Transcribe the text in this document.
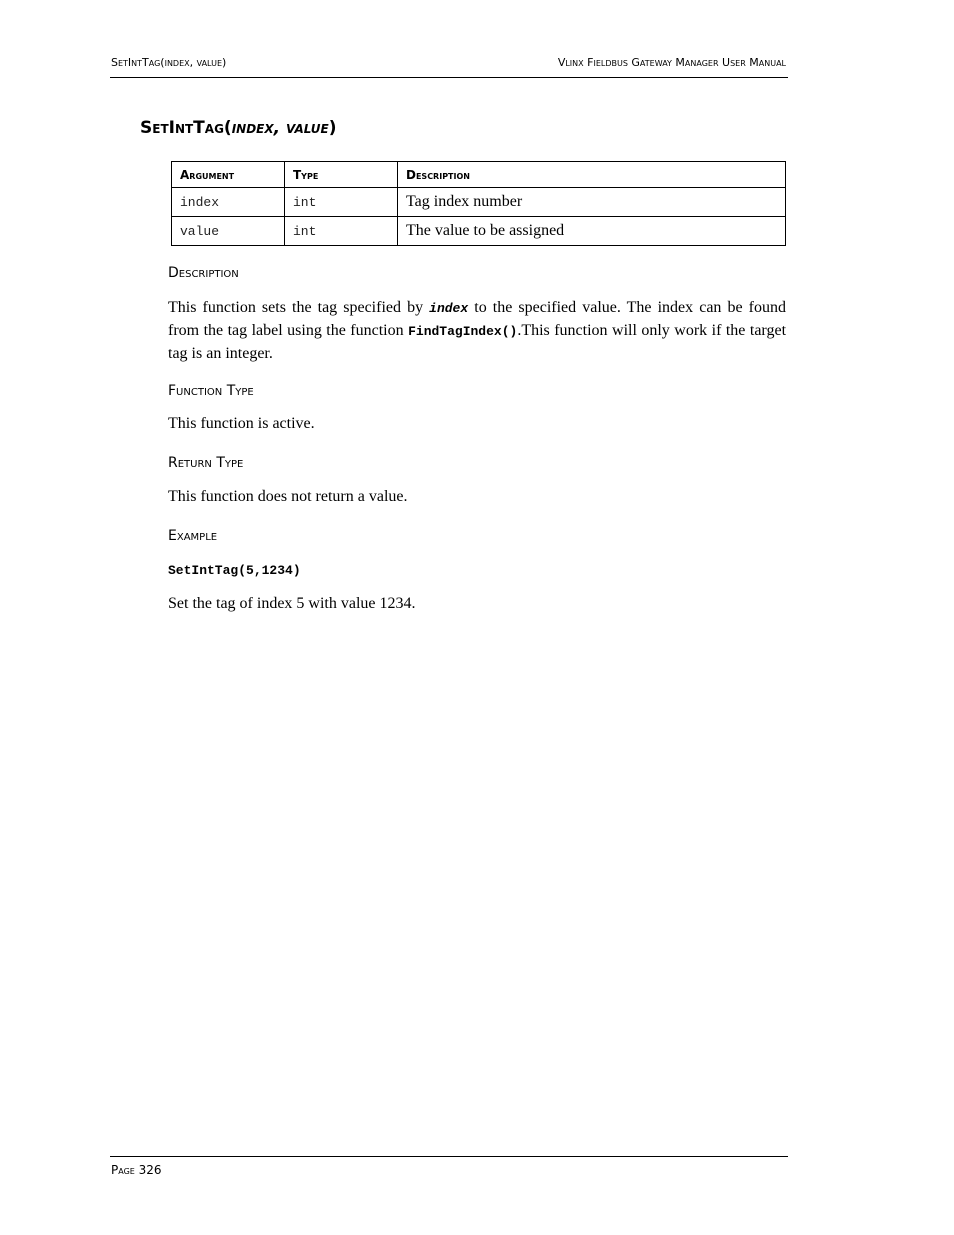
SetIntTag(index, value)	Vlinx Fieldbus Gateway Manager User Manual
SetIntTag(index, value)
Argument	Type	Description
index	int	Tag index number
value	int	The value to be assigned
Description
This function sets the tag specified by index to the specified value. The index can be found from the tag label using the function FindTagIndex().This function will only work if the target tag is an integer.
Function Type
This function is active.
Return Type
This function does not return a value.
Example
SetIntTag(5,1234)
Set the tag of index 5 with value 1234.
Page 326
